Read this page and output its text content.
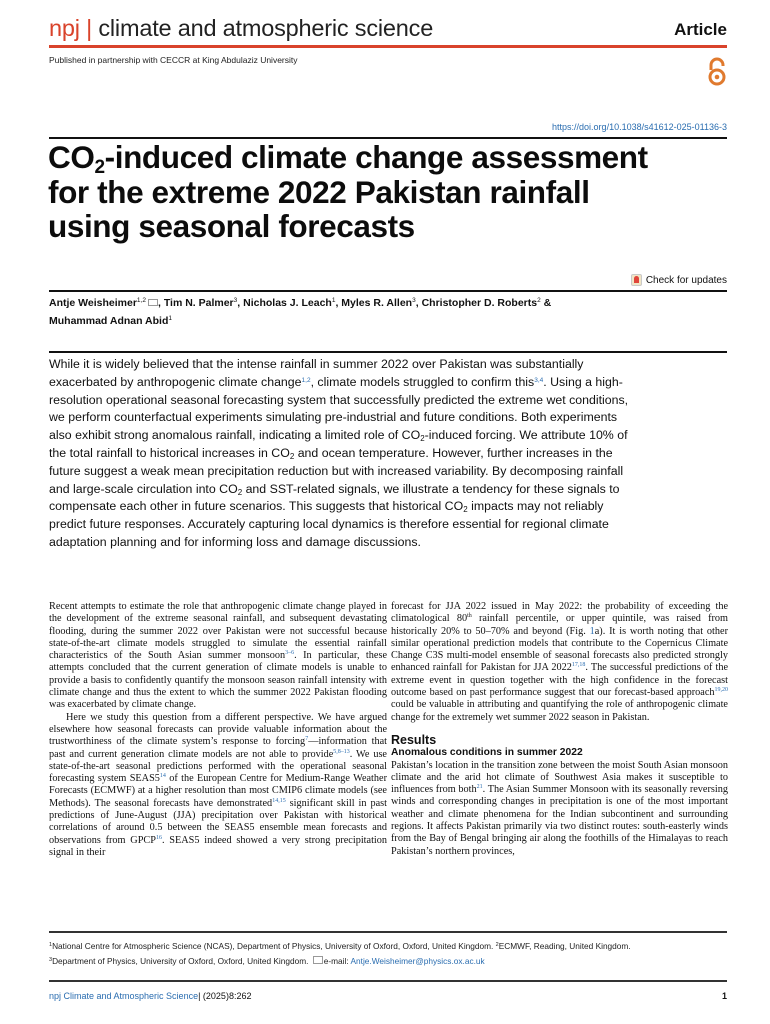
npj | climate and atmospheric science	Article
Published in partnership with CECCR at King Abdulaziz University
https://doi.org/10.1038/s41612-025-01136-3
$CO_2$-induced climate change assessment
for the extreme 2022 Pakistan rainfall
using seasonal forecasts
Check for updates
Antje Weisheimer$^{1,2}$ , Tim N. Palmer$^3$, Nicholas J. Leach$^1$, Myles R. Allen$^3$, Christopher D. Roberts$^2$ &
Muhammad Adnan Abid$^1$
While it is widely believed that the intense rainfall in summer 2022 over Pakistan was substantially exacerbated by anthropogenic climate change$^{1,2}$, climate models struggled to confirm this$^{3,4}$. Using a high-resolution operational seasonal forecasting system that successfully predicted the extreme wet conditions, we perform counterfactual experiments simulating pre-industrial and future conditions. Both experiments also exhibit strong anomalous rainfall, indicating a limited role of $CO_2$-induced forcing. We attribute 10% of the total rainfall to historical increases in $CO_2$ and ocean temperature. However, further increases in the future suggest a weak mean precipitation reduction but with increased variability. By decomposing rainfall and large-scale circulation into $CO_2$ and SST-related signals, we illustrate a tendency for these signals to compensate each other in future scenarios. This suggests that historical $CO_2$ impacts may not reliably predict future responses. Accurately capturing local dynamics is therefore essential for regional climate adaptation planning and for informing loss and damage discussions.

Recent attempts to estimate the role that anthropogenic climate change played in the development of the extreme seasonal rainfall, and subsequent devastating flooding, during the summer 2022 over Pakistan were not successful because state-of-the-art climate models struggled to simulate the essential rainfall characteristics of the South Asian summer monsoon$^{3-6}$. In particular, these attempts concluded that the current generation of climate models is unable to provide a basis to confidently quantify the monsoon season rainfall intensity with climate change and thus the extent to which the summer 2022 Pakistan flooding was exacerbated by climate change.

Here we study this question from a different perspective. We have argued elsewhere how seasonal forecasts can provide valuable information about the trustworthiness of the climate system’s response to forcing$^7$—information that past and current generation climate models are not able to provide$^{5,8-13}$. We use state-of-the-art seasonal predictions performed with the operational seasonal forecasting system SEAS5$^{14}$ of the European Centre for Medium-Range Weather Forecasts (ECMWF) at a higher resolution than most CMIP6 climate models (see Methods). The seasonal forecasts have demonstrated$^{14,15}$ significant skill in past predictions of June-August (JJA) precipitation over Pakistan with historical correlations of around 0.5 between the SEAS5 ensemble mean forecasts and observations from GPCP$^{16}$. SEAS5 indeed showed a very strong precipitation signal in their

forecast for JJA 2022 issued in May 2022: the probability of exceeding the climatological 80th rainfall percentile, or upper quintile, was raised from historically 20% to 50–70% and beyond (Fig. 1a). It is worth noting that other similar operational prediction models that contribute to the Copernicus Climate Change C3S multi-model ensemble of seasonal forecasts also predicted strongly enhanced rainfall for Pakistan for JJA 2022$^{17,18}$. The successful predictions of the extreme event in question together with the high confidence in the forecast outcome based on past performance suggest that our forecast-based approach$^{19,20}$ could be valuable in attributing and quantifying the role of anthropogenic climate change for the extremely wet summer 2022 season in Pakistan.

Results
Anomalous conditions in summer 2022

Pakistan’s location in the transition zone between the moist South Asian monsoon climate and the arid hot climate of Southwest Asia makes it susceptible to influences from both$^{21}$. The Asian Summer Monsoon with its seasonally reversing winds and corresponding changes in precipitation is one of the most important weather and climate phenomena for the Indian subcontinent and surrounding regions. It affects Pakistan primarily via two distinct routes: south-easterly winds from the Bay of Bengal bringing air along the foothills of the Himalayas to reach Pakistan’s northern provinces,

$^1$National Centre for Atmospheric Science (NCAS), Department of Physics, University of Oxford, Oxford, United Kingdom. $^2$ECMWF, Reading, United Kingdom.
$^3$Department of Physics, University of Oxford, Oxford, United Kingdom. e-mail: Antje.Weisheimer@physics.ox.ac.uk
npj Climate and Atmospheric Science| (2025)8:262	1
